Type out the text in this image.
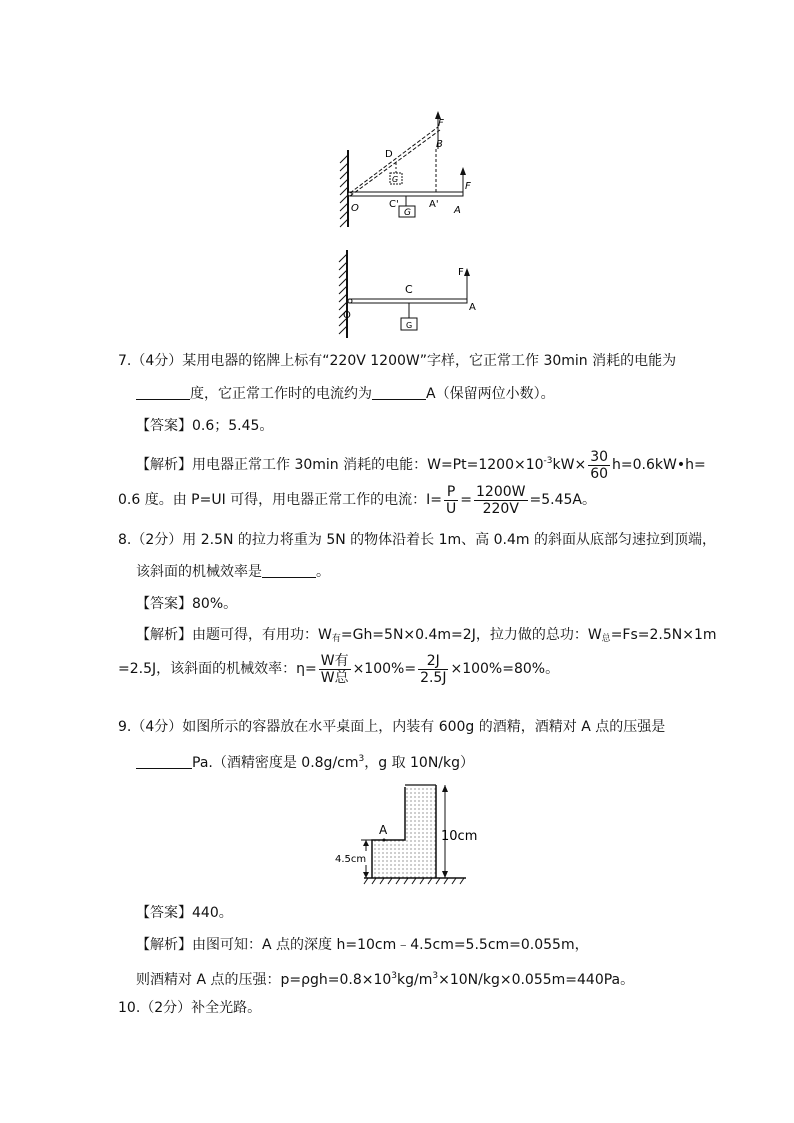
F
B
D
G
O	C'
G
A'
F
A
F
C
O
G
A
7.（4分）某用电器的铭牌上标有“220V 1200W”字样，它正常工作 30min 消耗的电能为
度，它正常工作时的电流约为	A（保留两位小数）。
【答案】0.6；5.45。
【解析】用电器正常工作 30min 消耗的电能：$W=Pt=1200\times 10^{-3}kW\times \frac{30}{60}$ h=0.6kW•h=
0.6 度。由 P=UI 可得，用电器正常工作的电流：$I= \frac{P}{U} = \frac{1200W}{220V} =5.45A$。
8.（2分）用 2.5N 的拉力将重为 5N 的物体沿着长 1m、高 0.4m 的斜面从底部匀速拉到顶端，
该斜面的机械效率是	。
【答案】80%。
【解析】由题可得，有用功：$W_有=Gh=5N\times 0.4m=2J$，拉力做的总功：$W_总=Fs=2.5N\times 1m$
=2.5J，该斜面的机械效率：$\eta= \frac{\text{W有}}{\text{W总}} \times 100\%= \frac{2J}{2.5J} \times 100\%=80\%$。
9.（4分）如图所示的容器放在水平桌面上，内装有 600g 的酒精，酒精对 A 点的压强是
Pa.（酒精密度是 $0.8g/cm^3$，g 取 10N/kg）
A	10cm
4.5cm
【答案】440。
【解析】由图可知：A 点的深度 h=10cm﹣4.5cm=5.5cm=0.055m，
则酒精对 A 点的压强：$p=\rho gh=0.8\times 10^3kg/m^3\times 10N/kg\times 0.055m=440Pa$。
10.（2分）补全光路。
